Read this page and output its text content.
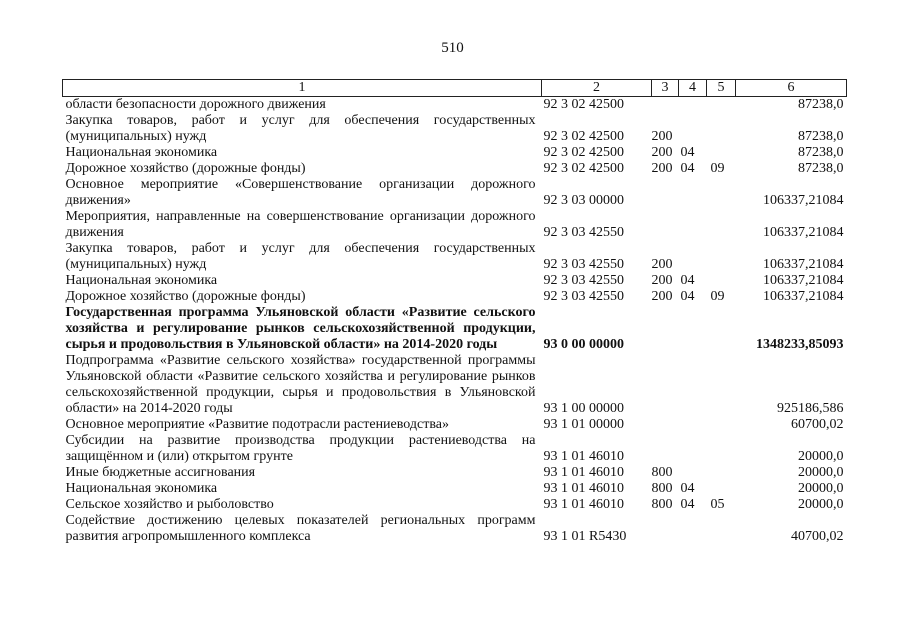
510
1	2	3	4	5	6
области безопасности дорожного движения	92 3 02 42500				87238,0
Закупка товаров, работ и услуг для обеспечения государственных (муниципальных) нужд	92 3 02 42500	200			87238,0
Национальная экономика	92 3 02 42500	200	04		87238,0
Дорожное хозяйство (дорожные фонды)	92 3 02 42500	200	04	09	87238,0
Основное мероприятие «Совершенствование организации дорожного движения»	92 3 03 00000				106337,21084
Мероприятия, направленные на совершенствование организации дорожного движения	92 3 03 42550				106337,21084
Закупка товаров, работ и услуг для обеспечения государственных (муниципальных) нужд	92 3 03 42550	200			106337,21084
Национальная экономика	92 3 03 42550	200	04		106337,21084
Дорожное хозяйство (дорожные фонды)	92 3 03 42550	200	04	09	106337,21084
Государственная программа Ульяновской области «Развитие сельского хозяйства и регулирование рынков сельскохозяйственной продукции, сырья и продовольствия в Ульяновской области» на 2014-2020 годы	93 0 00 00000				1348233,85093
Подпрограмма «Развитие сельского хозяйства» государственной программы Ульяновской области «Развитие сельского хозяйства и регулирование рынков сельскохозяйственной продукции, сырья и продовольствия в Ульяновской области» на 2014-2020 годы	93 1 00 00000				925186,586
Основное мероприятие «Развитие подотрасли растениеводства»	93 1 01 00000				60700,02
Субсидии на развитие производства продукции растениеводства на защищённом и (или) открытом грунте	93 1 01 46010				20000,0
Иные бюджетные ассигнования	93 1 01 46010	800			20000,0
Национальная экономика	93 1 01 46010	800	04		20000,0
Сельское хозяйство и рыболовство	93 1 01 46010	800	04	05	20000,0
Содействие достижению целевых показателей региональных программ развития агропромышленного комплекса	93 1 01 R5430				40700,02
